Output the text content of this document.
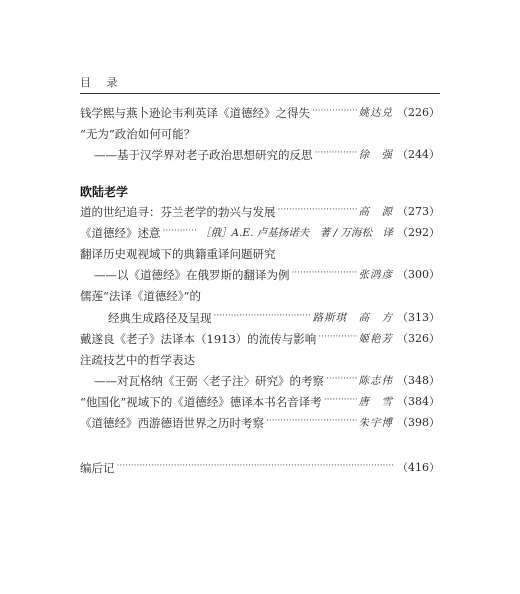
目 录
钱学熙与燕卜逊论韦利英译《道德经》之得失 ·····	姚达兑 （226）
“无为”政治如何可能？
——基于汉学界对老子政治思想研究的反思 ·····	徐　强 （244）
欧陆老学
道的世纪追寻：芬兰老学的勃兴与发展 ·····	高　源 （273）
《道德经》述意 ·····	［俄］A.E. 卢基扬诺夫　著 / 万海松　译 （292）
翻译历史观视域下的典籍重译问题研究
——以《道德经》在俄罗斯的翻译为例 ·····	张鸿彦 （300）
儒莲“法译《道德经》”的
经典生成路径及呈现 ·····	路斯琪　高　方 （313）
戴遂良《老子》法译本（1913）的流传与影响 ·····	姬艳芳 （326）
注疏技艺中的哲学表达
——对瓦格纳《王弼〈老子注〉研究》的考察 ·····	陈志伟 （348）
“他国化”视域下的《道德经》德译本书名音译考 ·····	唐　雪 （384）
《道德经》西游德语世界之历时考察 ·····	朱宇博 （398）
编后记 ·····	（416）
